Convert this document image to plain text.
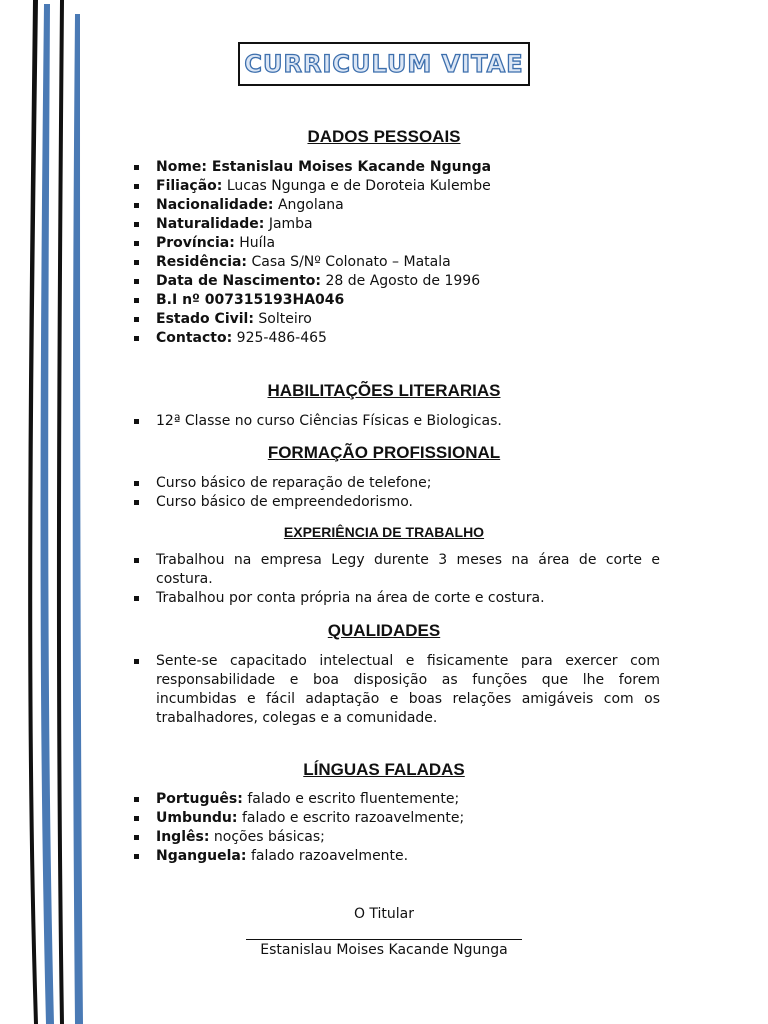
CURRICULUM VITAE
DADOS PESSOAIS
Nome: Estanislau Moises Kacande Ngunga
Filiação: Lucas Ngunga e de Doroteia Kulembe
Nacionalidade: Angolana
Naturalidade: Jamba
Província: Huíla
Residência: Casa S/Nº Colonato – Matala
Data de Nascimento: 28 de Agosto de 1996
B.I nº 007315193HA046
Estado Civil: Solteiro
Contacto: 925-486-465
HABILITAÇÕES LITERARIAS
12ª Classe no curso Ciências Físicas e Biologicas.
FORMAÇÃO PROFISSIONAL
Curso básico de reparação de telefone;
Curso básico de empreendedorismo.
EXPERIÊNCIA DE TRABALHO
Trabalhou na empresa Legy durente 3 meses na área de corte e costura.
Trabalhou por conta própria na área de corte e costura.
QUALIDADES
Sente-se capacitado intelectual e fisicamente para exercer com responsabilidade e boa disposição as funções que lhe forem incumbidas e fácil adaptação e boas relações amigáveis com os trabalhadores, colegas e a comunidade.
LÍNGUAS FALADAS
Português: falado e escrito fluentemente;
Umbundu: falado e escrito razoavelmente;
Inglês: noções básicas;
Nganguela: falado razoavelmente.
O Titular
Estanislau Moises Kacande Ngunga
